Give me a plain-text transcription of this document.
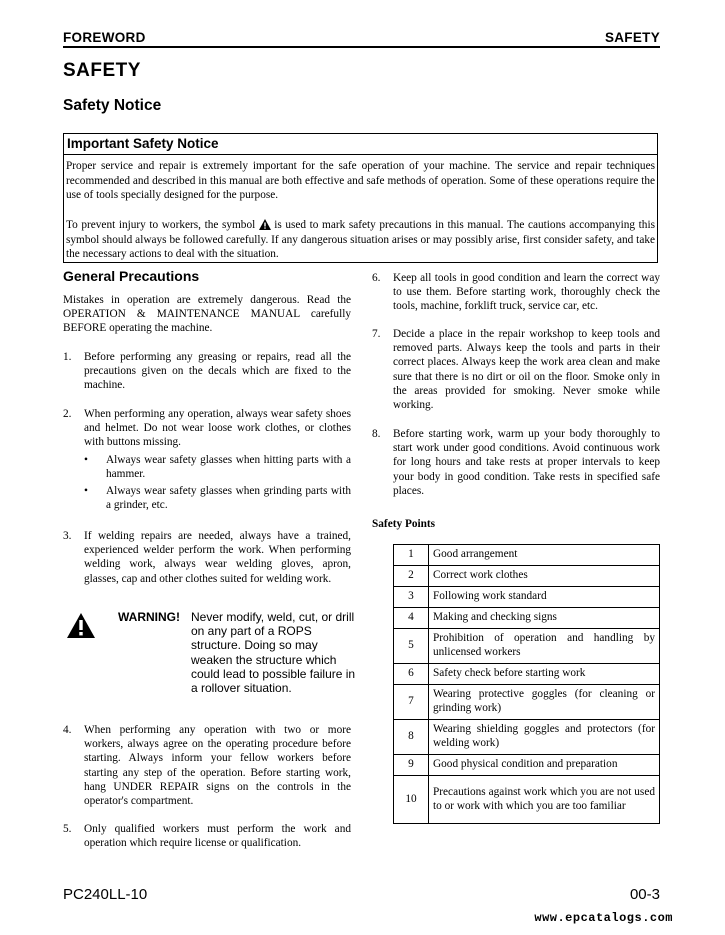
FOREWORD	SAFETY
SAFETY
Safety Notice
Important Safety Notice

Proper service and repair is extremely important for the safe operation of your machine. The service and repair techniques recommended and described in this manual are both effective and safe methods of operation. Some of these operations require the use of tools specially designed for the purpose.

To prevent injury to workers, the symbol is used to mark safety precautions in this manual. The cautions accompanying this symbol should always be followed carefully. If any dangerous situation arises or may possibly arise, first consider safety, and take the necessary actions to deal with the situation.

General Precautions
Mistakes in operation are extremely dangerous. Read the OPERATION & MAINTENANCE MANUAL carefully BEFORE operating the machine.
1. Before performing any greasing or repairs, read all the precautions given on the decals which are fixed to the machine.
2. When performing any operation, always wear safety shoes and helmet. Do not wear loose work clothes, or clothes with buttons missing.
• Always wear safety glasses when hitting parts with a hammer.
• Always wear safety glasses when grinding parts with a grinder, etc.
3. If welding repairs are needed, always have a trained, experienced welder perform the work. When performing welding work, always wear welding gloves, apron, glasses, cap and other clothes suited for welding work.
WARNING! Never modify, weld, cut, or drill on any part of a ROPS structure. Doing so may weaken the structure which could lead to possible failure in a rollover situation.
4. When performing any operation with two or more workers, always agree on the operating procedure before starting. Always inform your fellow workers before starting any step of the operation. Before starting work, hang UNDER REPAIR signs on the controls in the operator's compartment.
5. Only qualified workers must perform the work and operation which require license or qualification.
6. Keep all tools in good condition and learn the correct way to use them. Before starting work, thoroughly check the tools, machine, forklift truck, service car, etc.
7. Decide a place in the repair workshop to keep tools and removed parts. Always keep the tools and parts in their correct places. Always keep the work area clean and make sure that there is no dirt or oil on the floor. Smoke only in the areas provided for smoking. Never smoke while working.
8. Before starting work, warm up your body thoroughly to start work under good conditions. Avoid continuous work for long hours and take rests at proper intervals to keep your body in good condition. Take rests in specified safe places.
Safety Points
1	Good arrangement
2	Correct work clothes
3	Following work standard
4	Making and checking signs
5	Prohibition of operation and handling by unlicensed workers
6	Safety check before starting work
7	Wearing protective goggles (for cleaning or grinding work)
8	Wearing shielding goggles and protectors (for welding work)
9	Good physical condition and preparation
10	Precautions against work which you are not used to or work with which you are too familiar
PC240LL-10	00-3
www.epcatalogs.com
